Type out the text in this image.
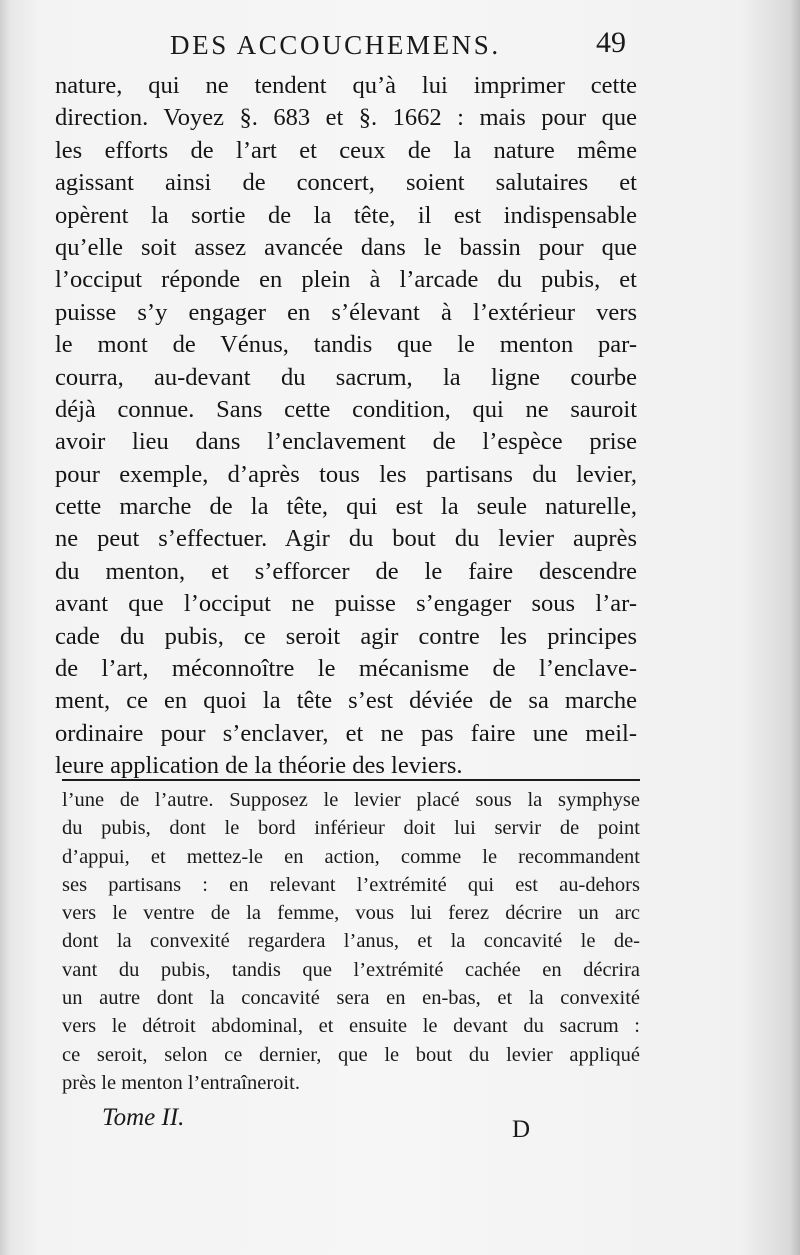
DES ACCOUCHEMENS.	49
nature, qui ne tendent qu’à lui imprimer cette
direction. Voyez §. 683 et §. 1662 : mais pour que
les efforts de l’art et ceux de la nature même
agissant ainsi de concert, soient salutaires et
opèrent la sortie de la tête, il est indispensable
qu’elle soit assez avancée dans le bassin pour que
l’occiput réponde en plein à l’arcade du pubis, et
puisse s’y engager en s’élevant à l’extérieur vers
le mont de Vénus, tandis que le menton par-
courra, au-devant du sacrum, la ligne courbe
déjà connue. Sans cette condition, qui ne sauroit
avoir lieu dans l’enclavement de l’espèce prise
pour exemple, d’après tous les partisans du levier,
cette marche de la tête, qui est la seule naturelle,
ne peut s’effectuer. Agir du bout du levier auprès
du menton, et s’efforcer de le faire descendre
avant que l’occiput ne puisse s’engager sous l’ar-
cade du pubis, ce seroit agir contre les principes
de l’art, méconnoître le mécanisme de l’enclave-
ment, ce en quoi la tête s’est déviée de sa marche
ordinaire pour s’enclaver, et ne pas faire une meil-
leure application de la théorie des leviers.
l’une de l’autre. Supposez le levier placé sous la symphyse
du pubis, dont le bord inférieur doit lui servir de point
d’appui, et mettez-le en action, comme le recommandent
ses partisans : en relevant l’extrémité qui est au-dehors
vers le ventre de la femme, vous lui ferez décrire un arc
dont la convexité regardera l’anus, et la concavité le de-
vant du pubis, tandis que l’extrémité cachée en décrira
un autre dont la concavité sera en en-bas, et la convexité
vers le détroit abdominal, et ensuite le devant du sacrum :
ce seroit, selon ce dernier, que le bout du levier appliqué
près le menton l’entraîneroit.
Tome II.	D
